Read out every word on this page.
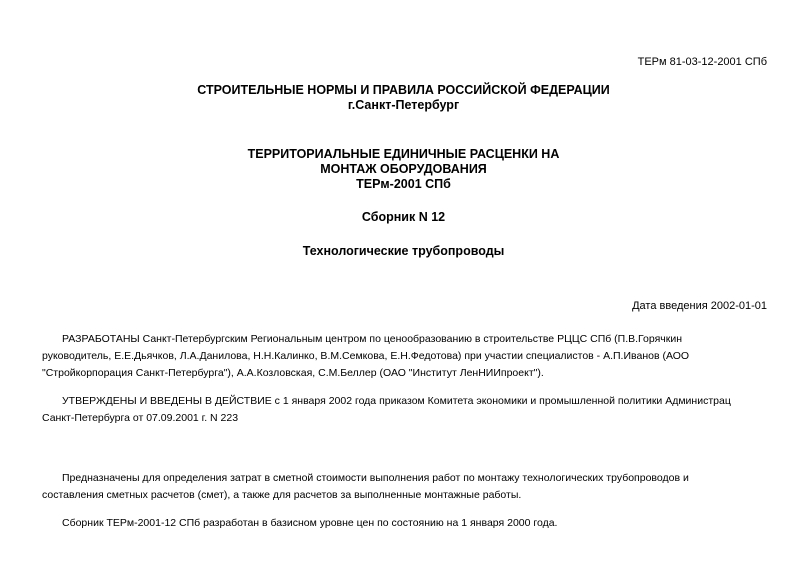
ТЕРм 81-03-12-2001 СПб
СТРОИТЕЛЬНЫЕ НОРМЫ И ПРАВИЛА РОССИЙСКОЙ ФЕДЕРАЦИИ
г.Санкт-Петербург
ТЕРРИТОРИАЛЬНЫЕ ЕДИНИЧНЫЕ РАСЦЕНКИ НА
МОНТАЖ ОБОРУДОВАНИЯ
ТЕРм-2001 СПб
Сборник N 12
Технологические трубопроводы
Дата введения 2002-01-01
РАЗРАБОТАНЫ Санкт-Петербургским Региональным центром по ценообразованию в строительстве РЦЦС СПб (П.В.Горячкин
руководитель, Е.Е.Дьячков, Л.А.Данилова, Н.Н.Калинко, В.М.Семкова, Е.Н.Федотова) при участии специалистов - А.П.Иванов (АОО
"Стройкорпорация Санкт-Петербурга"), А.А.Козловская, С.М.Беллер (ОАО "Институт ЛенНИИпроект").
УТВЕРЖДЕНЫ И ВВЕДЕНЫ В ДЕЙСТВИЕ с 1 января 2002 года приказом Комитета экономики и промышленной политики Администрац
Санкт-Петербурга от 07.09.2001 г. N 223
Предназначены для определения затрат в сметной стоимости выполнения работ по монтажу технологических трубопроводов и
составления сметных расчетов (смет), а также для расчетов за выполненные монтажные работы.
Сборник ТЕРм-2001-12 СПб разработан в базисном уровне цен по состоянию на 1 января 2000 года.
